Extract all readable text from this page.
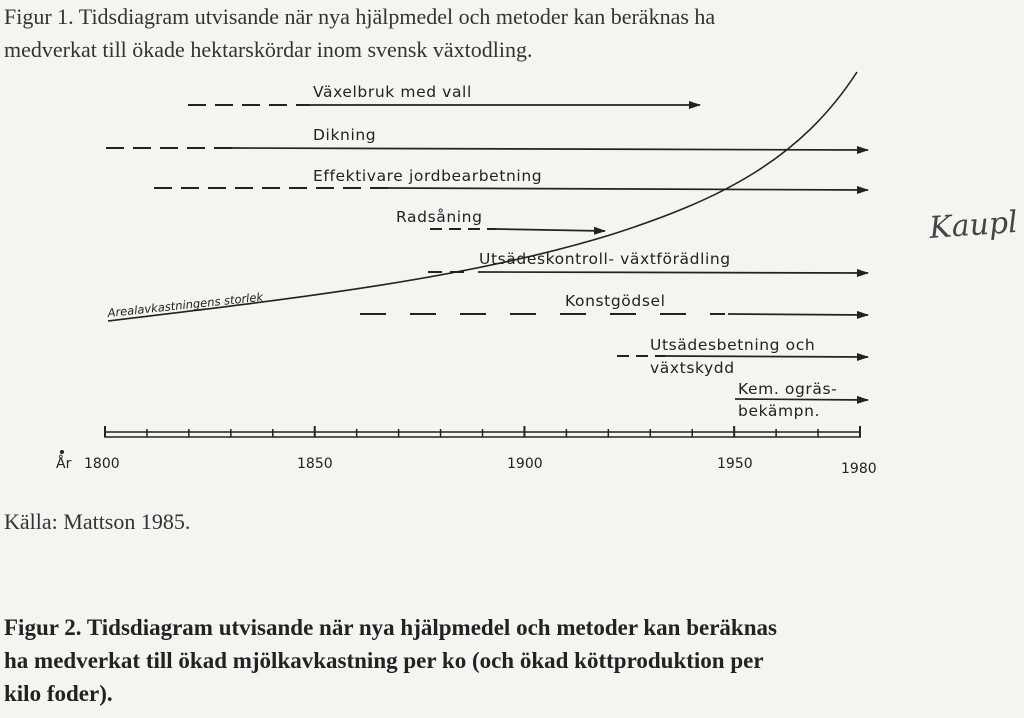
Figur 1. Tidsdiagram utvisande när nya hjälpmedel och metoder kan beräknas ha
medverkat till ökade hektarskördar inom svensk växtodling.
Arealavkastningens storlek
Växelbruk med vall
Dikning
Effektivare jordbearbetning
Radsåning
Utsädeskontroll- växtförädling
Konstgödsel
Utsädesbetning och
växtskydd
Kem. ogräs-
bekämpn.
År 1800	1850	1900	1950	1980
Kaupl
Källa: Mattson 1985.
Figur 2. Tidsdiagram utvisande när nya hjälpmedel och metoder kan beräknas
ha medverkat till ökad mjölkavkastning per ko (och ökad köttproduktion per
kilo foder).
